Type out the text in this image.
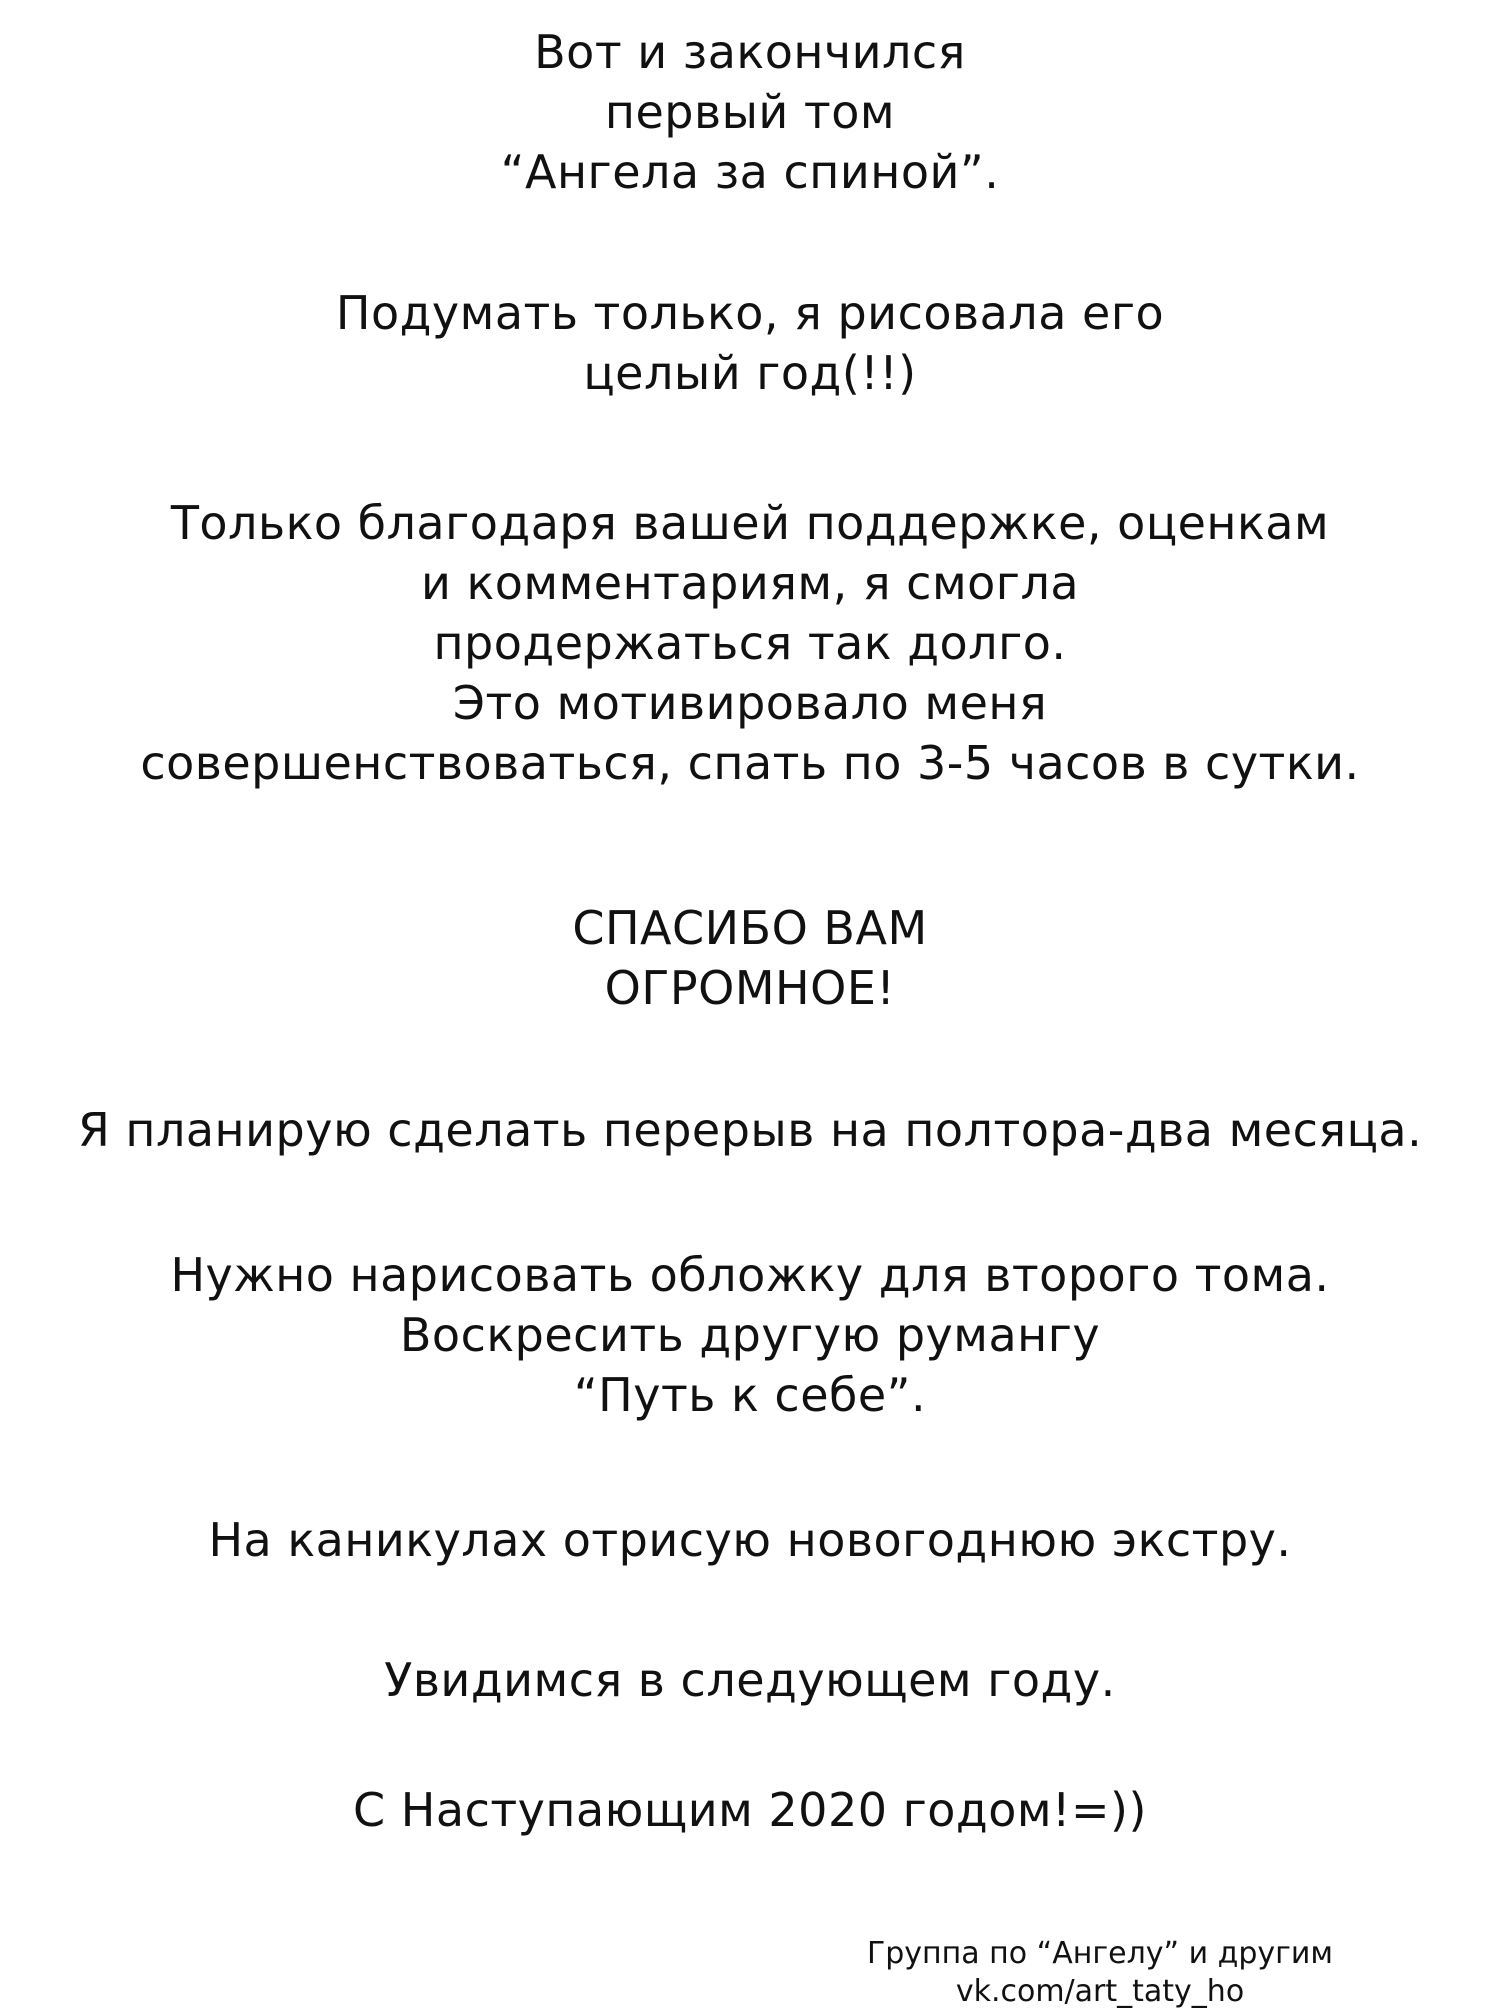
Вот и закончился
первый том
“Ангела за спиной”.
Подумать только, я рисовала его
целый год(!!)
Только благодаря вашей поддержке, оценкам
и комментариям, я смогла
продержаться так долго.
Это мотивировало меня
совершенствоваться, спать по 3-5 часов в сутки.
СПАСИБО ВАМ
ОГРОМНОЕ!
Я планирую сделать перерыв на полтора-два месяца.
Нужно нарисовать обложку для второго тома.
Воскресить другую румангу
“Путь к себе”.
На каникулах отрисую новогоднюю экстру.
Увидимся в следующем году.
С Наступающим 2020 годом!=))
Группа по “Ангелу” и другим
vk.com/art_taty_ho
